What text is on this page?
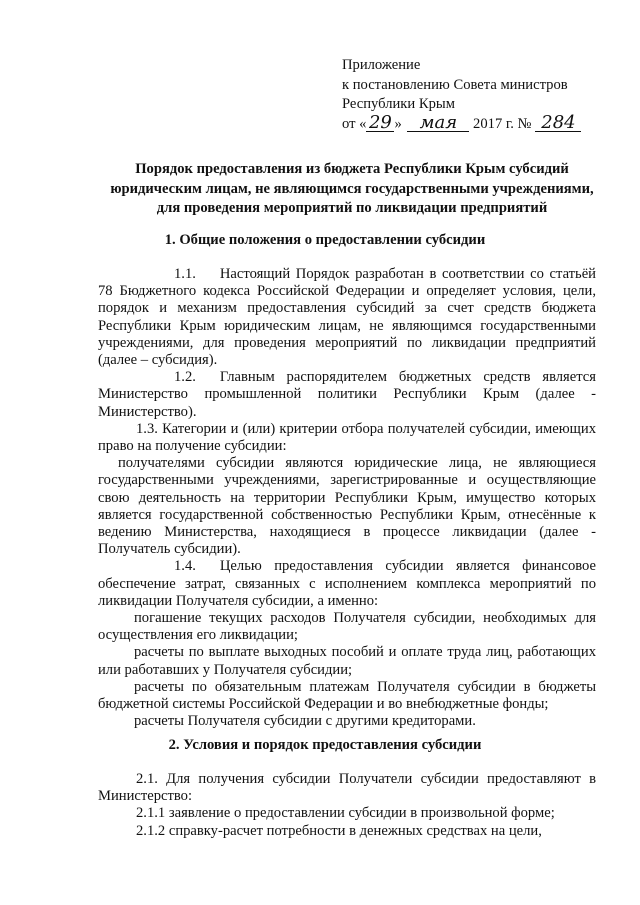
Приложение
к постановлению Совета министров
Республики Крым
от « 29 » мая 2017 г. № 284
Порядок предоставления из бюджета Республики Крым субсидий
юридическим лицам, не являющимся государственными учреждениями,
для проведения мероприятий по ликвидации предприятий
1. Общие положения о предоставлении субсидии

1.1. Настоящий Порядок разработан в соответствии со статьёй 78 Бюджетного кодекса Российской Федерации и определяет условия, цели, порядок и механизм предоставления субсидий за счет средств бюджета Республики Крым юридическим лицам, не являющимся государственными учреждениями, для проведения мероприятий по ликвидации предприятий (далее – субсидия).

1.2. Главным распорядителем бюджетных средств является Министерство промышленной политики Республики Крым (далее - Министерство).

1.3. Категории и (или) критерии отбора получателей субсидии, имеющих право на получение субсидии:

получателями субсидии являются юридические лица, не являющиеся государственными учреждениями, зарегистрированные и осуществляющие свою деятельность на территории Республики Крым, имущество которых является государственной собственностью Республики Крым, отнесённые к ведению Министерства, находящиеся в процессе ликвидации (далее - Получатель субсидии).

1.4. Целью предоставления субсидии является финансовое обеспечение затрат, связанных с исполнением комплекса мероприятий по ликвидации Получателя субсидии, а именно:

погашение текущих расходов Получателя субсидии, необходимых для осуществления его ликвидации;

расчеты по выплате выходных пособий и оплате труда лиц, работающих или работавших у Получателя субсидии;

расчеты по обязательным платежам Получателя субсидии в бюджеты бюджетной системы Российской Федерации и во внебюджетные фонды;

расчеты Получателя субсидии с другими кредиторами.

2. Условия и порядок предоставления субсидии

2.1. Для получения субсидии Получатели субсидии предоставляют в Министерство:

2.1.1 заявление о предоставлении субсидии в произвольной форме;

2.1.2 справку-расчет потребности в денежных средствах на цели,
